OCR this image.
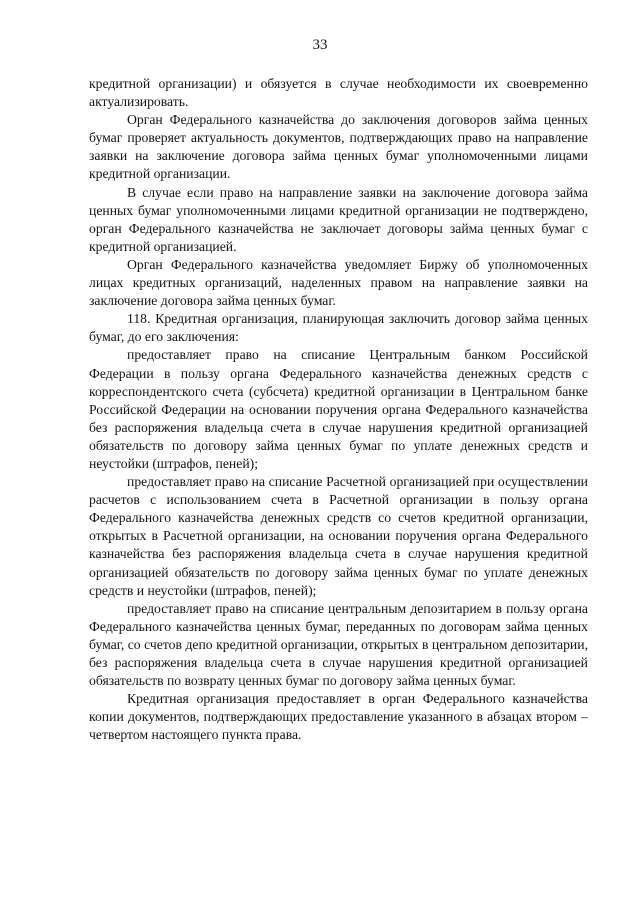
33

кредитной организации) и обязуется в случае необходимости их своевременно актуализировать.

Орган Федерального казначейства до заключения договоров займа ценных бумаг проверяет актуальность документов, подтверждающих право на направление заявки на заключение договора займа ценных бумаг уполномоченными лицами кредитной организации.

В случае если право на направление заявки на заключение договора займа ценных бумаг уполномоченными лицами кредитной организации не подтверждено, орган Федерального казначейства не заключает договоры займа ценных бумаг с кредитной организацией.

Орган Федерального казначейства уведомляет Биржу об уполномоченных лицах кредитных организаций, наделенных правом на направление заявки на заключение договора займа ценных бумаг.

118. Кредитная организация, планирующая заключить договор займа ценных бумаг, до его заключения:

предоставляет право на списание Центральным банком Российской Федерации в пользу органа Федерального казначейства денежных средств с корреспондентского счета (субсчета) кредитной организации в Центральном банке Российской Федерации на основании поручения органа Федерального казначейства без распоряжения владельца счета в случае нарушения кредитной организацией обязательств по договору займа ценных бумаг по уплате денежных средств и неустойки (штрафов, пеней);

предоставляет право на списание Расчетной организацией при осуществлении расчетов с использованием счета в Расчетной организации в пользу органа Федерального казначейства денежных средств со счетов кредитной организации, открытых в Расчетной организации, на основании поручения органа Федерального казначейства без распоряжения владельца счета в случае нарушения кредитной организацией обязательств по договору займа ценных бумаг по уплате денежных средств и неустойки (штрафов, пеней);

предоставляет право на списание центральным депозитарием в пользу органа Федерального казначейства ценных бумаг, переданных по договорам займа ценных бумаг, со счетов депо кредитной организации, открытых в центральном депозитарии, без распоряжения владельца счета в случае нарушения кредитной организацией обязательств по возврату ценных бумаг по договору займа ценных бумаг.

Кредитная организация предоставляет в орган Федерального казначейства копии документов, подтверждающих предоставление указанного в абзацах втором – четвертом настоящего пункта права.
